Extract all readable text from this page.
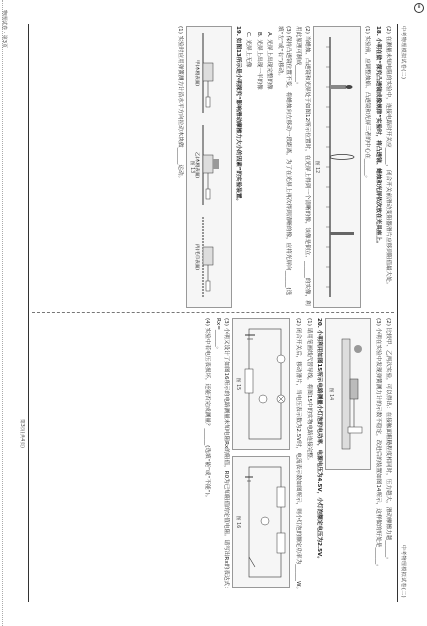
物理试卷 · 第3页
8
中考物理模拟试卷(二)
中考物理模拟试卷(二)

(2) 在测量未知电阻的实验中，连接电路时开关应______，闭合开关前滑动变阻器滑片应移到阻值最大处。

18. 小明在做“探究凸透镜成像规律”实验时，将凸透镜、蜡烛和光屏依次放在光具座上。

(1) 实验前，应调整烛焰、凸透镜和光屏三者的中心在______。

图 12

(2) 当蜡烛、凸透镜和光屏处于如图12所示位置时，在光屏上得到一个清晰的像，该像是倒立、______的实像，利用此原理可制成______。

(3) 保持凸透镜位置不变，将蜡烛向左移动一段距离，为了在光屏上再次得到清晰的像，应将光屏向______(选填“左”或“右”)移动。

A. 光屏上出现完整的像

B. 光屏上出现一半的像

C. 光屏上无像

19. 如图13所示是小明探究“影响滑动摩擦力大小的因素”的实验装置。

甲(木板表面)
乙(木板表面)
丙(毛巾表面)
图 13

(1) 实验时应用弹簧测力计沿水平方向拉动木块做______运动。

(2) 比较甲、乙两次实验，可以得出：在接触面粗糙程度相同时，压力越大，滑动摩擦力越______。

(3) 小明在实验中发现弹簧测力计的示数不稳定，改进后的装置如图14所示，这样做的好处是______。

图 14

20. 小明利用如图15所示电路测量小灯泡的电功率，电源电压为4.5V，小灯泡额定电压为2.5V。

(1) 请用笔画线代替导线，将图15中的实物电路连接完整。

(2) 闭合开关后，移动滑片，当电压表示数为2.5V时，电流表示数如图所示，则小灯泡的额定功率为______W。

图 15
图 16

(3) 小明又设计了如图16所示的电路测量未知电阻Rx的阻值，R0为已知阻值的定值电阻。请写出Rx的表达式：Rx=______。

(4) 实验中若电压表损坏，还能否完成测量？______(选填“能”或“不能”)。

第3页(共4页)
